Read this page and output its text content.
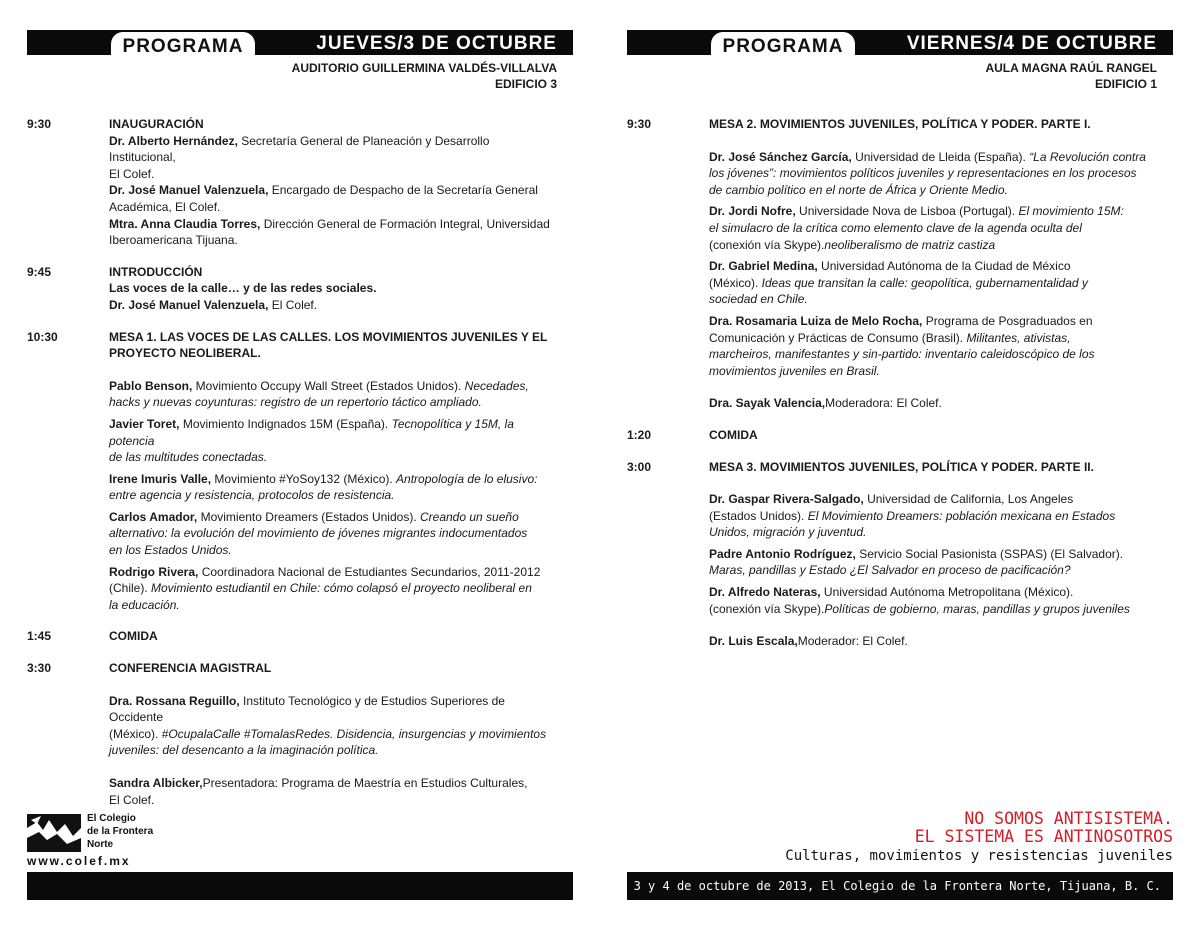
PROGRAMA	JUEVES/3 DE OCTUBRE
AUDITORIO GUILLERMINA VALDÉS-VILLALVA
EDIFICIO 3
9:30	INAUGURACIÓN
Dr. Alberto Hernández, Secretaría General de Planeación y Desarrollo Institucional,
El Colef.
Dr. José Manuel Valenzuela, Encargado de Despacho de la Secretaría General
Académica, El Colef.
Mtra. Anna Claudia Torres, Dirección General de Formación Integral, Universidad
Iberoamericana Tijuana.
9:45	INTRODUCCIÓN
Las voces de la calle… y de las redes sociales.
Dr. José Manuel Valenzuela, El Colef.
10:30	MESA 1. LAS VOCES DE LAS CALLES. LOS MOVIMIENTOS JUVENILES Y EL
PROYECTO NEOLIBERAL.
Pablo Benson, Movimiento Occupy Wall Street (Estados Unidos). Necedades,
hacks y nuevas coyunturas: registro de un repertorio táctico ampliado.
Javier Toret, Movimiento Indignados 15M (España). Tecnopolítica y 15M, la potencia
de las multitudes conectadas.
Irene Imuris Valle, Movimiento #YoSoy132 (México). Antropología de lo elusivo:
entre agencia y resistencia, protocolos de resistencia.
Carlos Amador, Movimiento Dreamers (Estados Unidos). Creando un sueño
alternativo: la evolución del movimiento de jóvenes migrantes indocumentados
en los Estados Unidos.
Rodrigo Rivera, Coordinadora Nacional de Estudiantes Secundarios, 2011-2012
(Chile). Movimiento estudiantil en Chile: cómo colapsó el proyecto neoliberal en
la educación.
1:45	COMIDA
3:30	CONFERENCIA MAGISTRAL
Dra. Rossana Reguillo, Instituto Tecnológico y de Estudios Superiores de Occidente
(México). #OcupalaCalle #TomalasRedes. Disidencia, insurgencias y movimientos
juveniles: del desencanto a la imaginación política.
Sandra Albicker,Presentadora: Programa de Maestría en Estudios Culturales,
El Colef.
El Colegio
de la Frontera
Norte
www.colef.mx
PROGRAMA	VIERNES/4 DE OCTUBRE
AULA MAGNA RAÚL RANGEL
EDIFICIO 1
9:30	MESA 2. MOVIMIENTOS JUVENILES, POLÍTICA Y PODER. PARTE I.
Dr. José Sánchez García, Universidad de Lleida (España). “La Revolución contra
los jóvenes”: movimientos políticos juveniles y representaciones en los procesos
de cambio político en el norte de África y Oriente Medio.
Dr. Jordi Nofre, Universidade Nova de Lisboa (Portugal). El movimiento 15M:
el simulacro de la crítica como elemento clave de la agenda oculta del
(conexión vía Skype).neoliberalismo de matriz castiza
Dr. Gabriel Medina, Universidad Autónoma de la Ciudad de México
(México). Ideas que transitan la calle: geopolítica, gubernamentalidad y
sociedad en Chile.
Dra. Rosamaria Luiza de Melo Rocha, Programa de Posgraduados en
Comunicación y Prácticas de Consumo (Brasil). Militantes, ativistas,
marcheiros, manifestantes y sin-partido: inventario caleidoscópico de los
movimientos juveniles en Brasil.
Dra. Sayak Valencia,Moderadora: El Colef.
1:20	COMIDA
3:00	MESA 3. MOVIMIENTOS JUVENILES, POLÍTICA Y PODER. PARTE II.
Dr. Gaspar Rivera-Salgado, Universidad de California, Los Angeles
(Estados Unidos). El Movimiento Dreamers: población mexicana en Estados
Unidos, migración y juventud.
Padre Antonio Rodríguez, Servicio Social Pasionista (SSPAS) (El Salvador).
Maras, pandillas y Estado ¿El Salvador en proceso de pacificación?
Dr. Alfredo Nateras, Universidad Autónoma Metropolitana (México).
(conexión vía Skype).Políticas de gobierno, maras, pandillas y grupos juveniles
Dr. Luis Escala,Moderador: El Colef.
NO SOMOS ANTISISTEMA.
EL SISTEMA ES ANTINOSOTROS
Culturas, movimientos y resistencias juveniles
3 y 4 de octubre de 2013, El Colegio de la Frontera Norte, Tijuana, B. C.
